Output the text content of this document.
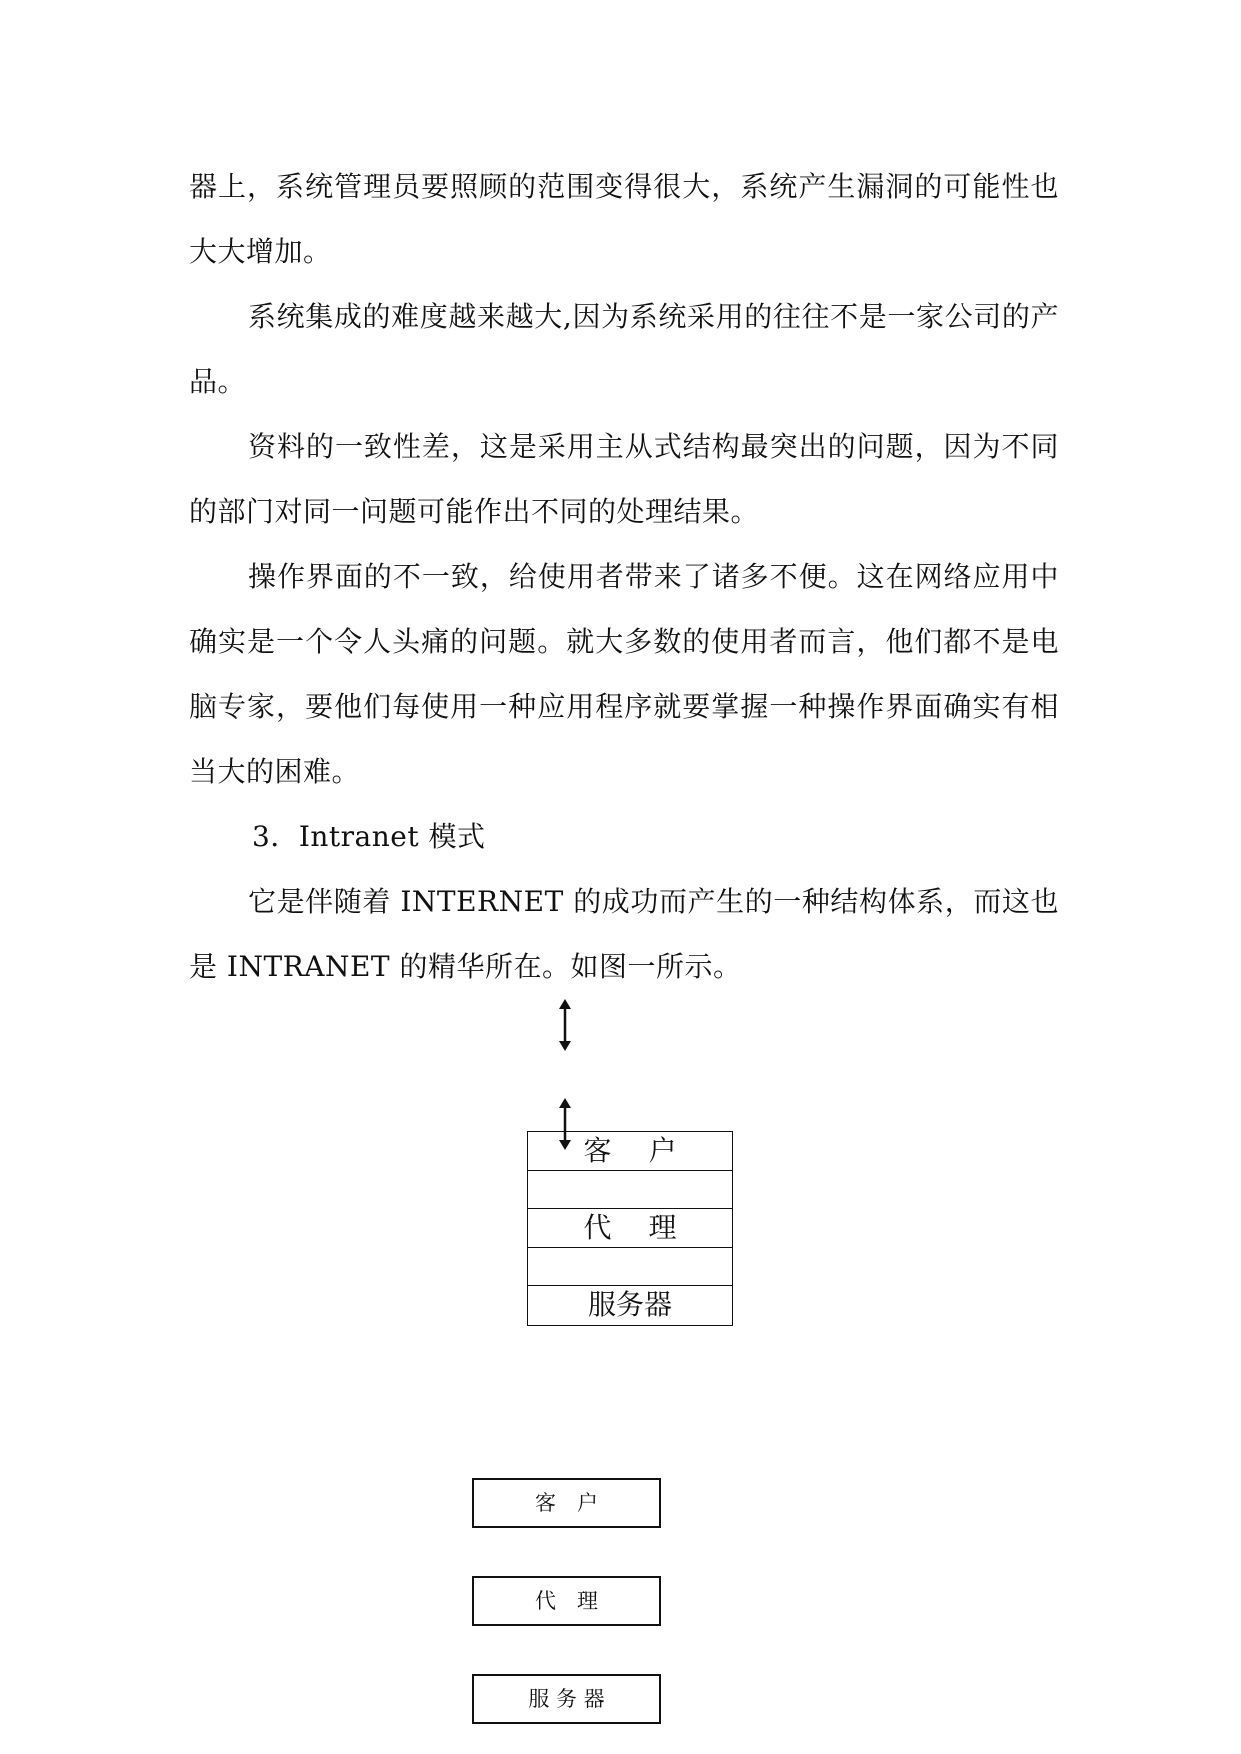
器上，系统管理员要照顾的范围变得很大，系统产生漏洞的可能性也大大增加。

系统集成的难度越来越大,因为系统采用的往往不是一家公司的产品。

资料的一致性差，这是采用主从式结构最突出的问题，因为不同的部门对同一问题可能作出不同的处理结果。

操作界面的不一致，给使用者带来了诸多不便。这在网络应用中确实是一个令人头痛的问题。就大多数的使用者而言，他们都不是电脑专家，要他们每使用一种应用程序就要掌握一种操作界面确实有相当大的困难。

3．Intranet 模式

它是伴随着 INTERNET 的成功而产生的一种结构体系，而这也是 INTRANET 的精华所在。如图一所示。

客 户
代 理
服务器
客　户
代　理
服 务 器
